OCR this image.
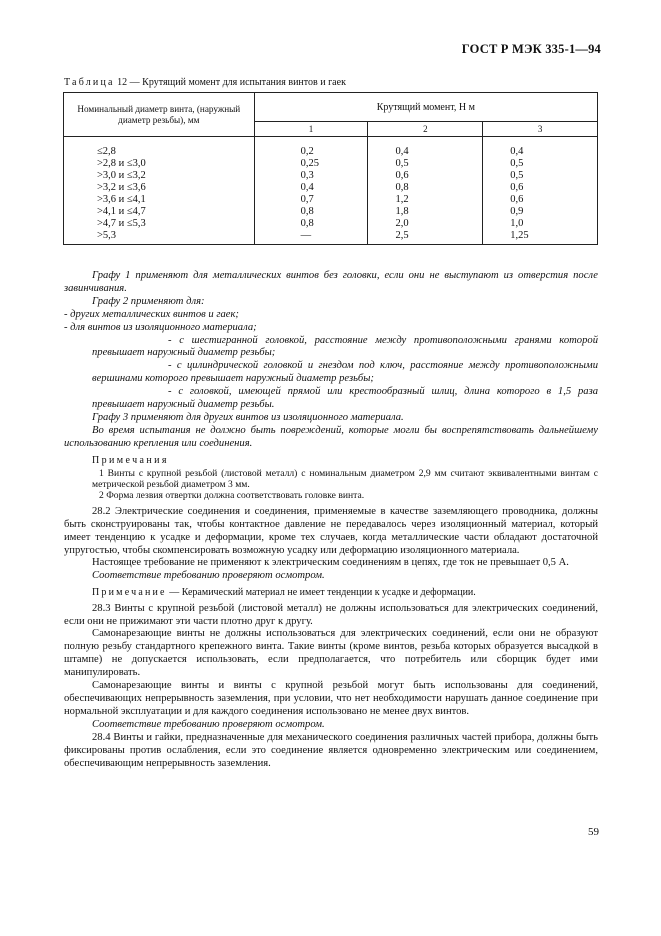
ГОСТ Р МЭК 335-1—94
Таблица 12 — Крутящий момент для испытания винтов и гаек
Номинальный диаметр винта, (наружный диаметр резьбы), мм	Крутящий момент, Н м		
	1	2	3
≤2,8	0,2	0,4	0,4
>2,8 и ≤3,0	0,25	0,5	0,5
>3,0 и ≤3,2	0,3	0,6	0,5
>3,2 и ≤3,6	0,4	0,8	0,6
>3,6 и ≤4,1	0,7	1,2	0,6
>4,1 и ≤4,7	0,8	1,8	0,9
>4,7 и ≤5,3	0,8	2,0	1,0
>5,3	—	2,5	1,25

Графу 1 применяют для металлических винтов без головки, если они не выступают из отверстия после завинчивания.

Графу 2 применяют для:

- других металлических винтов и гаек;

- для винтов из изоляционного материала;

- с шестигранной головкой, расстояние между противоположными гранями которой превышает наружный диаметр резьбы;

- с цилиндрической головкой и гнездом под ключ, расстояние между противоположными вершинами которого превышает наружный диаметр резьбы;

- с головкой, имеющей прямой или крестообразный шлиц, длина которого в 1,5 раза превышает наружный диаметр резьбы.

Графу 3 применяют для других винтов из изоляционного материала.

Во время испытания не должно быть повреждений, которые могли бы воспрепятствовать дальнейшему использованию крепления или соединения.

Примечания

1 Винты с крупной резьбой (листовой металл) с номинальным диаметром 2,9 мм считают эквивалентными винтам с метрической резьбой диаметром 3 мм.

2 Форма лезвия отвертки должна соответствовать головке винта.

28.2 Электрические соединения и соединения, применяемые в качестве заземляющего проводника, должны быть сконструированы так, чтобы контактное давление не передавалось через изоляционный материал, который имеет тенденцию к усадке и деформации, кроме тех случаев, когда металлические части обладают достаточной упругостью, чтобы скомпенсировать возможную усадку или деформацию изоляционного материала.

Настоящее требование не применяют к электрическим соединениям в цепях, где ток не превышает 0,5 А.

Соответствие требованию проверяют осмотром.

Примечание — Керамический материал не имеет тенденции к усадке и деформации.

28.3 Винты с крупной резьбой (листовой металл) не должны использоваться для электрических соединений, если они не прижимают эти части плотно друг к другу.

Самонарезающие винты не должны использоваться для электрических соединений, если они не образуют полную резьбу стандартного крепежного винта. Такие винты (кроме винтов, резьба которых образуется высадкой в штампе) не допускается использовать, если предполагается, что потребитель или сборщик будет ими манипулировать.

Самонарезающие винты и винты с крупной резьбой могут быть использованы для соединений, обеспечивающих непрерывность заземления, при условии, что нет необходимости нарушать данное соединение при нормальной эксплуатации и для каждого соединения использовано не менее двух винтов.

Соответствие требованию проверяют осмотром.

28.4 Винты и гайки, предназначенные для механического соединения различных частей прибора, должны быть фиксированы против ослабления, если это соединение является одновременно электрическим или соединением, обеспечивающим непрерывность заземления.

59
